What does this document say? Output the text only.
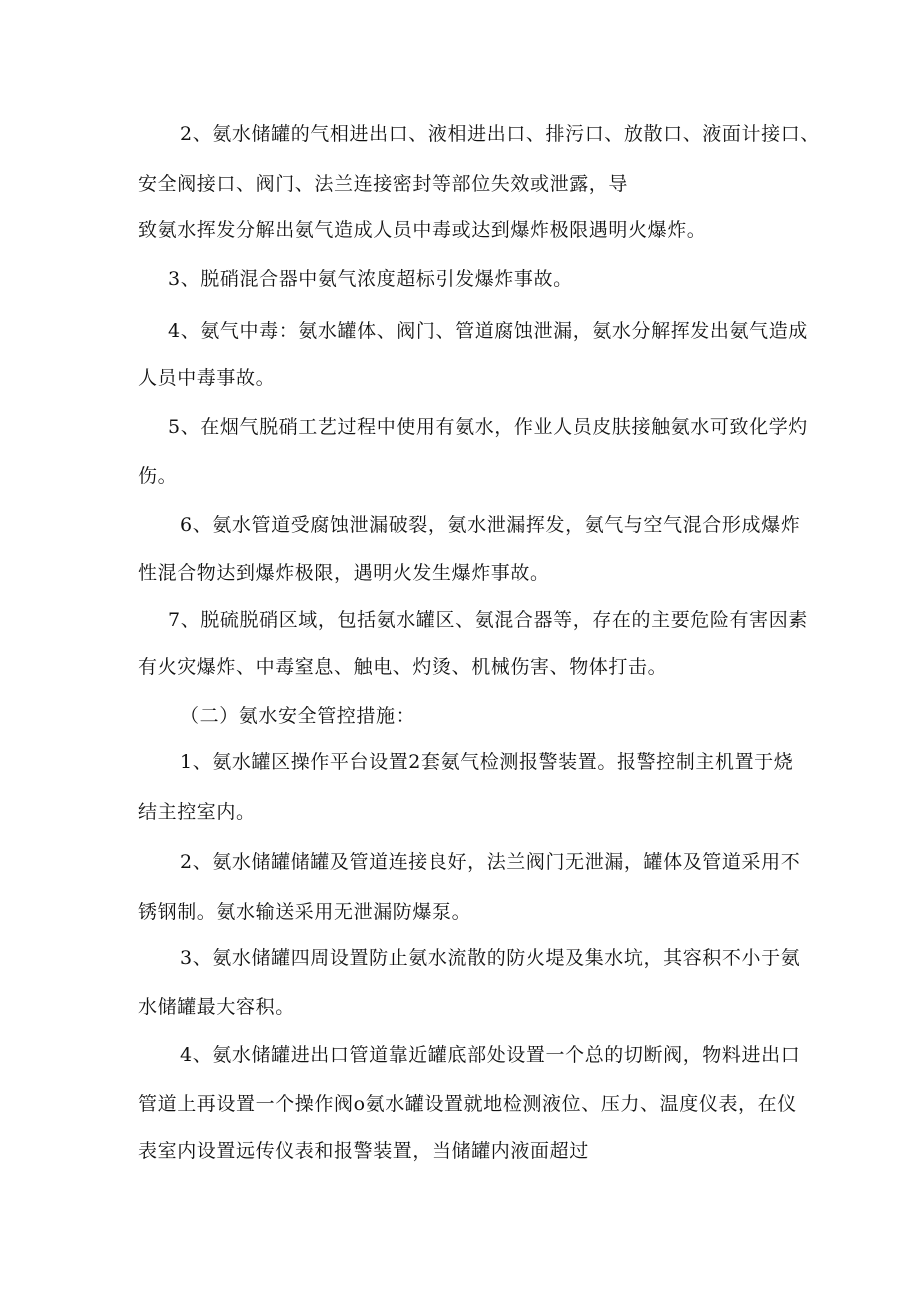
2、氨水储罐的气相进出口、液相进出口、排污口、放散口、液面计接口、
安全阀接口、阀门、法兰连接密封等部位失效或泄露，导
致氨水挥发分解出氨气造成人员中毒或达到爆炸极限遇明火爆炸。
3、脱硝混合器中氨气浓度超标引发爆炸事故。
4、氨气中毒：氨水罐体、阀门、管道腐蚀泄漏，氨水分解挥发出氨气造成
人员中毒事故。
5、在烟气脱硝工艺过程中使用有氨水，作业人员皮肤接触氨水可致化学灼
伤。
6、氨水管道受腐蚀泄漏破裂，氨水泄漏挥发，氨气与空气混合形成爆炸
性混合物达到爆炸极限，遇明火发生爆炸事故。
7、脱硫脱硝区域，包括氨水罐区、氨混合器等，存在的主要危险有害因素
有火灾爆炸、中毒窒息、触电、灼烫、机械伤害、物体打击。
（二）氨水安全管控措施：
1、氨水罐区操作平台设置2套氨气检测报警装置。报警控制主机置于烧
结主控室内。
2、氨水储罐储罐及管道连接良好，法兰阀门无泄漏，罐体及管道采用不
锈钢制。氨水输送采用无泄漏防爆泵。
3、氨水储罐四周设置防止氨水流散的防火堤及集水坑，其容积不小于氨
水储罐最大容积。
4、氨水储罐进出口管道靠近罐底部处设置一个总的切断阀，物料进出口
管道上再设置一个操作阀o氨水罐设置就地检测液位、压力、温度仪表，在仪
表室内设置远传仪表和报警装置，当储罐内液面超过
